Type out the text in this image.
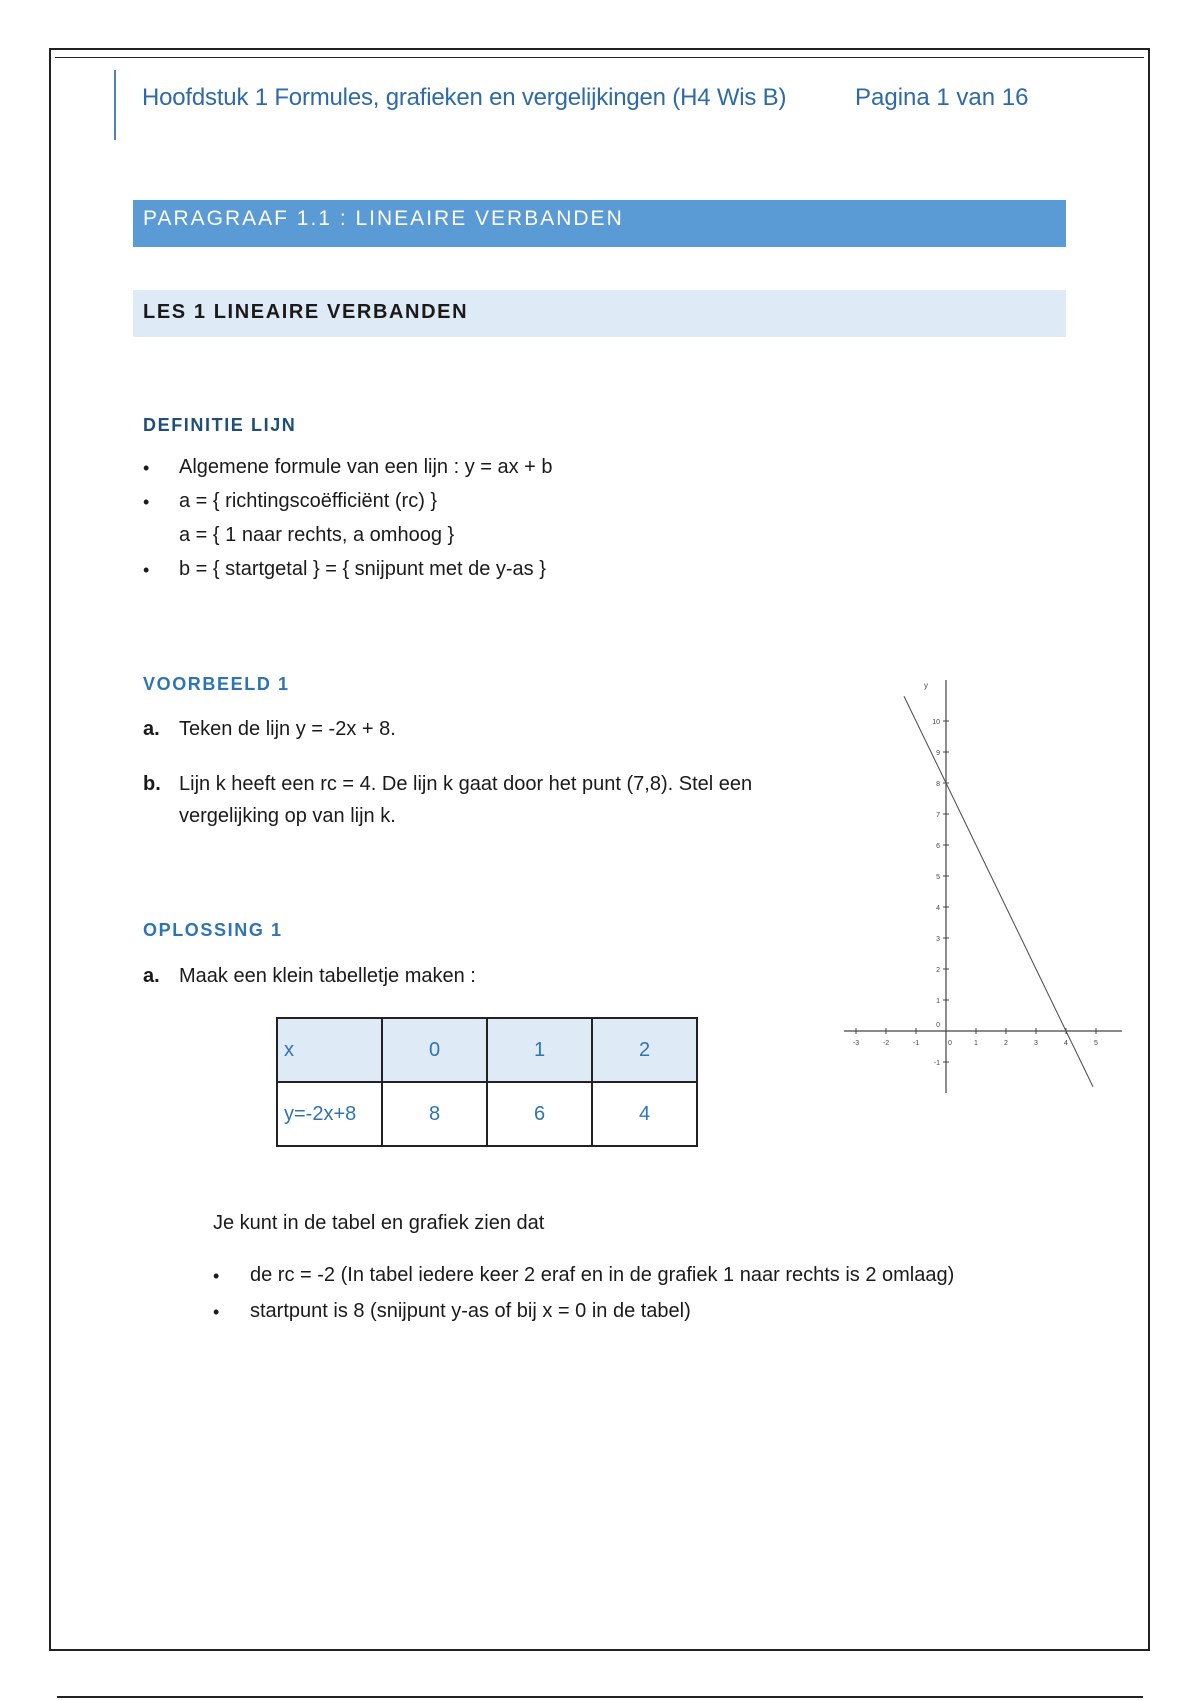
Hoofdstuk 1 Formules, grafieken en vergelijkingen (H4 Wis B)	Pagina 1 van 16
PARAGRAAF 1.1 : LINEAIRE VERBANDEN
LES 1 LINEAIRE VERBANDEN
DEFINITIE LIJN
• Algemene formule van een lijn : y = ax + b
• a = { richtingscoëfficiënt (rc) }
a = { 1 naar rechts, a omhoog }
• b = { startgetal } = { snijpunt met de y-as }
VOORBEELD 1
a. Teken de lijn y = -2x + 8.
b. Lijn k heeft een rc = 4. De lijn k gaat door het punt (7,8). Stel een
vergelijking op van lijn k.
OPLOSSING 1
a. Maak een klein tabelletje maken :
x	0	1	2
y=-2x+8	8	6	4
Je kunt in de tabel en grafiek zien dat
• de rc = -2 (In tabel iedere keer 2 eraf en in de grafiek 1 naar rechts is 2 omlaag)
• startpunt is 8 (snijpunt y-as of bij x = 0 in de tabel)
-3	-2	-1	0	1	2	3	4	5
-1
1
2
3
4
5
6
7
8
9
10
0
y
